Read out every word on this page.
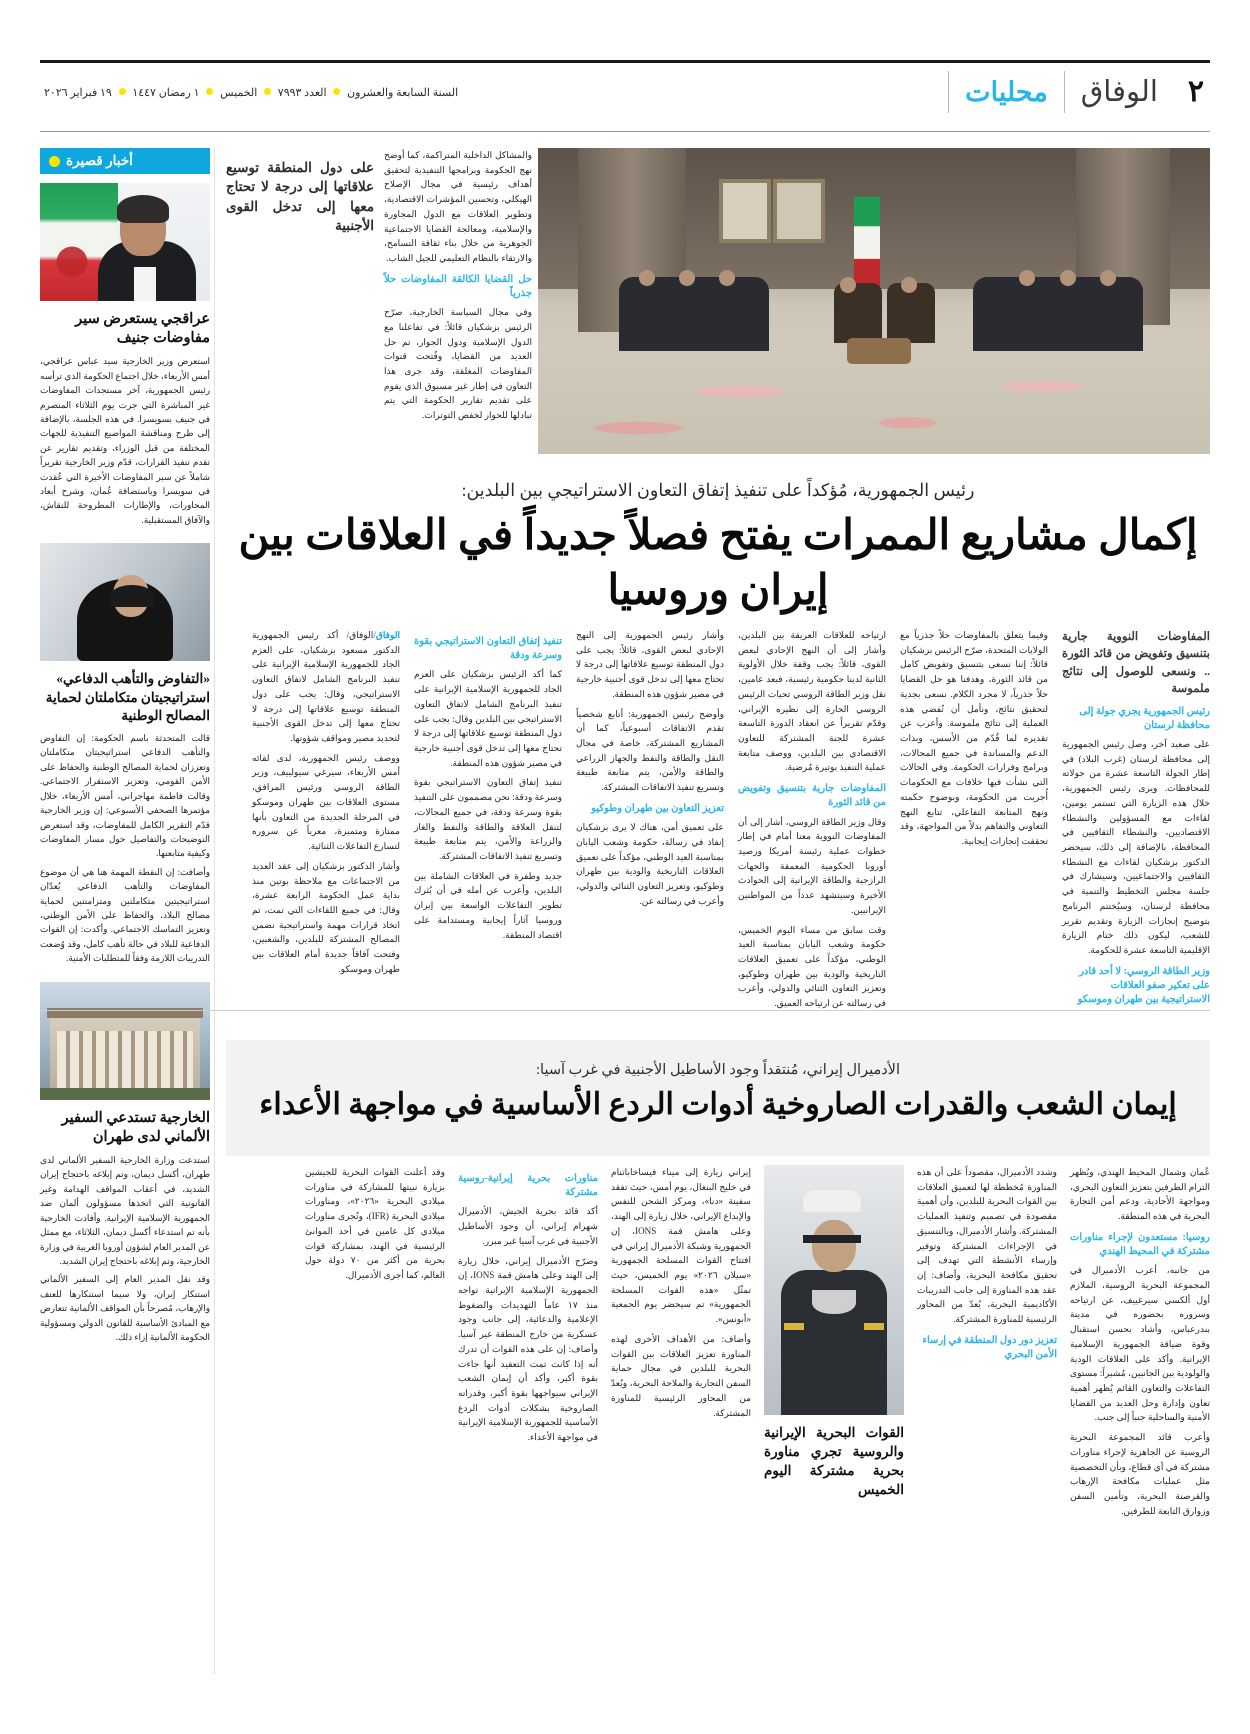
٢
الوفاق
محليات
السنة السابعة والعشرون  العدد ٧٩٩٣  الخميس  ١ رمضان ١٤٤٧  ١٩ فبراير ٢٠٢٦
أخبار قصيرة
عراقجي يستعرض سير مفاوضات جنيف

استعرض وزير الخارجية سيد عباس عراقجي، أمس الأربعاء، خلال اجتماع الحكومة الذي ترأسه رئيس الجمهورية، آخر مستجدات المفاوضات غير المباشرة التي جرت يوم الثلاثاء المنصرم في جنيف بسويسرا. في هذه الجلسة، بالإضافة إلى طرح ومناقشة المواضيع التنفيذية للجهات المختلفة من قبل الوزراء، وتقديم تقارير عن تقدم تنفيذ القرارات، قدّم وزير الخارجية تقريراً شاملاً عن سير المفاوضات الأخيرة التي عُقدت في سويسرا وباستضافة عُمان، وشرح أبعاد المحاورات، والإطارات المطروحة للنقاش، والآفاق المستقبلية.

«التفاوض والتأهب الدفاعي» استراتيجيتان متكاملتان لحماية المصالح الوطنية

قالت المتحدثة باسم الحكومة: إن التفاوض والتأهب الدفاعي استراتيجيتان متكاملتان وتعززان لحماية المصالح الوطنية والحفاظ على الأمن القومي، وتعزيز الاستقرار الاجتماعي. وقالت فاطمة مهاجراني، أمس الأربعاء، خلال مؤتمرها الصحفي الأسبوعي: إن وزير الخارجية قدّم التقرير الكامل للمفاوضات، وقد استعرض التوضيحات والتفاصيل حول مسار المفاوضات وكيفية متابعتها.

وأضافت: إن النقطة المهمة هنا هي أن موضوع المفاوضات والتأهب الدفاعي يُعدّان استراتيجيتين متكاملتين ومتزامنتين لحماية مصالح البلاد، والحفاظ على الأمن الوطني، وتعزيز التماسك الاجتماعي. وأكدت: إن القوات الدفاعية للبلاد في حالة تأهب كامل، وقد وُضعت التدريبات اللازمة وفقاً للمتطلبات الأمنية.

الخارجية تستدعي السفير الألماني لدى طهران

استدعت وزارة الخارجية السفير الألماني لدى طهران، أكسل ديمان، وتم إبلاغه باحتجاج إيران الشديد، في أعقاب المواقف الهدامة وغير القانونية التي اتخذها مسؤولون ألمان ضد الجمهورية الإسلامية الإيرانية. وأفادت الخارجية بأنه تم استدعاء أكسل ديمان، الثلاثاء، مع ممثل عن المدير العام لشؤون أوروبا الغربية في وزارة الخارجية، وتم إبلاغه باحتجاج إيران الشديد.

وقد نقل المدير العام إلى السفير الألماني استنكار إيران، ولا سيما استنكارها للعنف والإرهاب، مُصرحاً بأن المواقف الألمانية تتعارض مع المبادئ الأساسية للقانون الدولي ومسؤولية الحكومة الألمانية إزاء ذلك.

على دول المنطقة توسيع علاقاتها إلى درجة لا تحتاج معها إلى تدخل القوى الأجنبية

والمشاكل الداخلية المتراكمة، كما أوضح نهج الحكومة وبرامجها التنفيذية لتحقيق أهداف رئيسية في مجال الإصلاح الهيكلي، وتحسين المؤشرات الاقتصادية، وتطوير العلاقات مع الدول المجاورة والإسلامية، ومعالجة القضايا الاجتماعية الجوهرية من خلال بناء ثقافة التسامح، والارتقاء بالنظام التعليمي للجيل الشاب.

حل القضايا الكالقة المفاوضات حلاً جذرياً

وفي مجال السياسة الخارجية، صرّح الرئيس بزشكيان قائلاً: في تفاعلنا مع الدول الإسلامية ودول الجوار، تم حل العديد من القضايا، وفُتحت قنوات المفاوضات المغلقة، وقد جرى هذا التعاون في إطار غير مسبوق الذي يقوم على تقديم تقارير الحكومة التي يتم تبادلها للحوار لخفض التوترات.

رئيس الجمهورية، مُؤكداً على تنفيذ إتفاق التعاون الاستراتيجي بين البلدين:
إكمال مشاريع الممرات يفتح فصلاً جديداً في العلاقات بين إيران وروسيا
المفاوضات النووية جارية بتنسيق وتفويض من قائد الثورة .. ونسعى للوصول إلى نتائج ملموسة
رئيس الجمهورية يجري جولة إلى محافظة لرستان

على صعيد آخر، وصل رئيس الجمهورية إلى محافظة لرستان (غرب البلاد) في إطار الجولة التاسعة عشرة من جولاته للمحافظات. ويرى رئيس الجمهورية، خلال هذه الزيارة التي تستمر يومين، لقاءات مع المسؤولين والنشطاء الاقتصاديين، والنشطاء الثقافيين في المحافظة، بالإضافة إلى ذلك، سيحضر الدكتور بزشكيان لقاءات مع النشطاء الثقافيين والاجتماعيين، وسيشارك في جلسة مجلس التخطيط والتنمية في محافظة لرستان، وسيُختتم البرنامج بتوضيح إنجازات الزيارة وتقديم تقرير للشعب، ليكون ذلك ختام الزيارة الإقليمية التاسعة عشرة للحكومة.

وزير الطاقة الروسي: لا أحد قادر على تعكير صفو العلاقات الاستراتيجية بين طهران وموسكو

وفيما يتعلق بالمفاوضات حلاً جذرياً مع الولايات المتحدة، صرّح الرئيس بزشكيان قائلاً: إننا نسعى بتنسيق وتفويض كامل من قائد الثورة، وهدفنا هو حل القضايا حلاً جذرياً، لا مجرد الكلام. نسعى بجدية لتحقيق نتائج، ونأمل أن تُفضي هذه العملية إلى نتائج ملموسة. وأعرب عن تقديره لما قُدّم من الأسس، وبذات الدعم والمساندة في جميع المجالات، وبرامج وفرارات الحكومة. وفي الحالات التي نشأت فيها خلافات مع الحكومات أُجريت من الحكومة، وبوضوح حكمته ونهج المتابعة التفاعلي، تتابع النهج التعاوني والتفاهم بدلاً من المواجهة، وقد تحققت إنجازات إيجابية.

ارتياحه للعلاقات العريقة بين البلدين، وأشار إلى أن النهج الإحادي لبعض القوى، قائلاً: يجب وقفة خلال الأولوية الثانية لدينا حكومية رئيسية، فبعد عامين، نقل وزير الطاقة الروسي تحيات الرئيس الروسي الحارة إلى نظيره الإيراني، وقدّم تقريراً عن انعقاد الدورة التاسعة عشرة للجنة المشتركة للتعاون الاقتصادي بين البلدين، ووصف متابعة عملية التنفيذ بوتيرة مُرضية.

المفاوضات جارية بتنسيق وتفويض من قائد الثورة

وقال وزير الطاقة الروسي، أشار إلى أن المفاوضات النووية معنا أمام في إطار خطوات عملية رئيسة أمريكا ورصيد أوروبا الحكومية المعمقة والجهات الرازجية والطاقة الإيرانية إلى الحوادث الأخيرة وسيتشهد عدداً من المواطنين الإيرانيين.

وقت سابق من مساء اليوم الخميس، حكومة وشعب اليابان بمناسبة العيد الوطني، مؤكداً على تعميق العلاقات التاريخية والودية بين طهران وطوكيو، وتعزيز التعاون الثنائي والدولي، وأعرب في رسالته عن ارتياحه العميق.

وأشار رئيس الجمهورية إلى النهج الإحادي لبعض القوى، قائلاً: يجب على دول المنطقة توسيع علاقاتها إلى درجة لا تحتاج معها إلى تدخل قوى أجنبية خارجية في مصير شؤون هذه المنطقة.

وأوضح رئيس الجمهورية: أتابع شخصياً تقدم الاتفاقات أسبوعياً، كما أن المشاريع المشتركة، خاصة في مجال النقل والطاقة والنفط والجهاز الزراعي والطاقة والأمن، يتم متابعة طبيعة وتسريع تنفيذ الاتفاقات المشتركة.

تعزيز التعاون بين طهران وطوكيو

على تعميق أمن، هناك لا يرى بزشكيان إنفاذ في رسالة، حكومة وشعب اليابان بمناسبة العيد الوطني، مؤكداً على تعميق العلاقات التاريخية والودية بين طهران وطوكيو، وتعزيز التعاون الثنائي والدولي، وأعرب في رسالته عن.

تنفيذ إتفاق التعاون الاستراتيجي بقوة وسرعة ودقة

كما أكد الرئيس بزشكيان على العزم الجاد للجمهورية الإسلامية الإيرانية على تنفيذ البرنامج الشامل لاتفاق التعاون الاستراتيجي بين البلدين وقال: يجب على دول المنطقة توسيع علاقاتها إلى درجة لا تحتاج معها إلى تدخل قوى أجنبية خارجية في مصير شؤون هذه المنطقة.

تنفيذ إتفاق التعاون الاستراتيجي بقوة وسرعة ودقة: نحن مصممون على التنفيذ بقوة وسرعة ودقة، في جميع المجالات، لتنقل العلاقة والطاقة والنفط والغاز والزراعة والأمن، يتم متابعة طبيعة وتسريع تنفيذ الاتفاقات المشتركة.

جديد وطفرة في العلاقات الشاملة بين البلدين، وأعرب عن أمله في أن يُثرك تطوير التفاعلات الواسعة بين إيران وروسيا آثاراً إيجابية ومستدامة على اقتصاد المنطقة.

الوفاق/الوفاق/ أكد رئيس الجمهورية الدكتور مسعود بزشكيان، على العزم الجاد للجمهورية الإسلامية الإيرانية على تنفيذ البرنامج الشامل لاتفاق التعاون الاستراتيجي، وقال: يجب على دول المنطقة توسيع علاقاتها إلى درجة لا تحتاج معها إلى تدخل القوى الأجنبية لتحديد مصير ومواقف شؤونها.

ووصف رئيس الجمهورية، لدى لقائه أمس الأربعاء، سيرغي سيولييف، وزير الطاقة الروسي ورئيس المرافق، مستوى العلاقات بين طهران وموسكو في المرحلة الجديدة من التعاون بأنها ممتازة ومتميزة، معرباً عن سروره لتسارع التفاعلات الثنائية.

وأشار الدكتور بزشكيان إلى عقد العديد من الاجتماعات مع ملاحظة بوتين منذ بداية عمل الحكومة الرابعة عشرة، وقال: في جميع اللقاءات التي تمت، تم اتخاذ قرارات مهمة واستراتيجية نضمن المصالح المشتركة للبلدين، والشعبين، وفتحت آفاقاً جديدة أمام العلاقات بين طهران وموسكو.

الأدميرال إيراني، مُنتقداً وجود الأساطيل الأجنبية في غرب آسيا:
إيمان الشعب والقدرات الصاروخية أدوات الردع الأساسية في مواجهة الأعداء

عُمان وشمال المحيط الهندي، ويُظهر التزام الطرفين بتعزيز التعاون البحري، ومواجهة الأحادية، ودعم أمن التجارة البحرية في هذه المنطقة.

روسيا: مستعدون لإجراء مناورات مشتركة في المحيط الهندي

من جانبه، أعرب الأدميرال في المجموعة البحرية الروسية، الملازم أول ألكسي سيرغييف، عن ارتياحه وسروره بحضوره في مدينة بندرعباس، وأشاد بحسن استقبال وقوة ضيافة الجمهورية الإسلامية الإيرانية. وأكد على العلاقات الودية والولودية بين الجانبين، مُشيراً: مستوى التفاعلات والتعاون القائم يُظهر أهمية تعاون وإدارة وحل العديد من القضايا الأمنية والساحلية جنباً إلى جنب.

وأعرب قائد المجموعة البحرية الروسية عن الجاهزية لإجراء مناورات مشتركة في أي قطاع، وبأن التخصصية مثل عمليات مكافحة الإرهاب والقرصنة البحرية، وتأمين السفن وزوارق التابعة للطرفين.

وشدد الأدميرال، مقصوداً على أن هذه المناورة مُخططة لها لتعميق العلاقات بين القوات البحرية للبلدين، وأن أهمية مقصودة في تصميم وتنفيذ العمليات المشتركة. وأشار الأدميرال، وبالتنسيق في الإجراءات المشتركة وتوفير وإرساء الأنشطة التي تهدف إلى تحقيق مكافحة البحرية، وأضاف: إن عقد هذه المناورة إلى جانب التدريبات الأكاديمية البحرية، يُعدّ من المحاور الرئيسية للمناورة المشتركة.

تعزيز دور دول المنطقة في إرساء الأمن البحري
القوات البحرية الإيرانية والروسية تجري مناورة بحرية مشتركة اليوم الخميس

إيراني زيارة إلى ميناء فيساخاباتنام في خليج البنغال، يوم أمس، حيث تفقد سفينة «دنا»، ومركز الشحن للنفس والإبداع الإيراني، خلال زيارة إلى الهند، وعلى هامش قمة IONS، إن الجمهورية وشبكة الأدميرال إيراني في افتتاح القوات المسلحة الجمهورية «سيلان ٢٠٢٦» يوم الخميس، حيث تمثّل «هذه القوات المسلحة الجمهورية» تم سيحضر يوم الجمعية «أبونس».

وأضاف: من الأهداف الأخرى لهذه المناورة تعزيز العلاقات بين القوات البحرية للبلدين في مجال حماية السفن التجارية والملاحة البحرية، ويُعدّ من المحاور الرئيسية للمناورة المشتركة.

مناورات بحرية إيرانية-روسية مشتركة

أكد قائد بحرية الجيش، الأدميرال شهرام إيراني، أن وجود الأساطيل الأجنبية في غرب آسيا غير مبرر.

وصرّح الأدميرال إيراني، خلال زيارة إلى الهند وعلى هامش قمة IONS، إن الجمهورية الإسلامية الإيرانية تواجه منذ ١٧ عاماً التهديدات والضغوط الإعلامية والدعائية، إلى جانب وجود عسكرية من خارج المنطقة غير آسيا. وأضاف: إن على هذه القوات أن تدرك أنه إذا كانت تمت التعقيد أنها جاءت بقوة أكبر، وأكد أن إيمان الشعب الإيراني سيواجهها بقوة أكبر، وقدراته الصاروخية بشكلات أدوات الردع الأساسية للجمهورية الإسلامية الإيرانية في مواجهة الأعداء.

وقد أعلنت القوات البحرية للجيشين بزيارة نبيتها للمشاركة في مناورات ميلادي البحرية «٢٠٢٦»، ومناورات ميلادي البحرية (IFR)، وتُجرى مناورات ميلادي كل عامين في أحد الموانئ الرئيسية في الهند، بمشاركة قوات بحرية من أكثر من ٧٠ دولة حول العالم، كما أجرى الأدميرال.
